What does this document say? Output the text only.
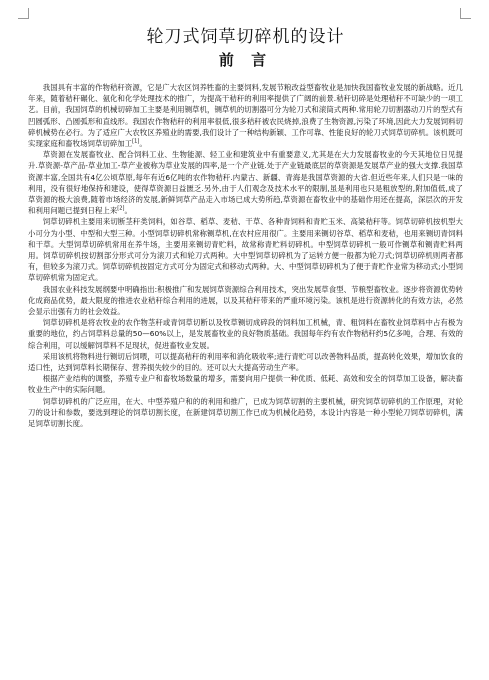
轮刀式饲草切碎机的设计
前 言

我国具有丰富的作物秸秆资源，它是广大农区饲养牲畜的主要饲料,发展节粮改益型畜牧业是加快我国畜牧业发展的新战略。近几年来，随着秸秆碾化、氨化和化学处理技术的推广，为提高干秸秆的利用率提供了广阔的前景.秸秆切碎是处理秸秆不可缺少的一项工艺。目前，我国饲草的机械切碎加工主要是利用铡草机，铡草机的切割器可分为轮刀式和滚筒式两种.常用轮刀切割器动刀片的型式有凹圆弧形、凸圆弧形和直线形。我国农作物秸秆的利用率很低,很多秸秆被农民烧掉,浪费了生物资源,污染了环境,因此大力发展饲料切碎机械势在必行。为了适应广大农牧区养殖业的需要,我们设计了一种结构新颖、工作可靠、性能良好的轮刀式饲草切碎机。该机既可实现家庭和畜牧场饲草切碎加工[1]。

草资源在发展畜牧业、配合饲料工业、生物能源、轻工业和建筑业中有重要意义,尤其是在大力发展畜牧业的今天其地位日见提升.草资源-草产品-草业加工-草产业被称为草业发展的四率,是一个产业链.处于产业链最底层的草资源是发展草产业的强大支撑.我国草资源丰富,全国共有4亿公顷草原,每年有近6亿吨的农作物秸秆.内蒙古、新疆、青海是我国草资源的大省.但近些年来,人们只是一味的利用，没有很好地保持和建设，使得草资源日益匮乏.另外,由于人们观念及技术水平的限制,虽是利用也只是粗放型的,附加值低,成了草资源的极大浪费,随着市场经济的发展,新鲜饲草产品走入市场已成大势所趋,草资源在畜牧业中的基础作用还在提高，深层次的开发和利用问题已提到日程上来[2]。

饲草切碎机主要用来切断茎秆类饲料，如谷草、稻草、麦秸、干草、各种青饲料和青贮玉米、高粱秸秆等。饲草切碎机按机型大小可分为小型、中型和大型三种。小型饲草切碎机常称铡草机,在农村应用很广。主要用来铡切谷草、稻草和麦秸，也用来铡切青饲料和干草。大型饲草切碎机常用在养牛场，主要用来铡切青贮料，故常称青贮料切碎机。中型饲草切碎机一般可作铡草和铡青贮料两用。饲草切碎机按切割部分形式可分为滚刀式和轮刀式两种。大中型饲草切碎机为了运转方便一般都为轮刀式;饲草切碎机则两者都有，但较多为滚刀式。饲草切碎机按固定方式可分为固定式和移动式两种。大、中型饲草切碎机为了便于青贮作业常为移动式;小型饲草切碎机常为固定式。

我国农业科技发展纲要中明确指出:积极推广和发展饲草资源综合利用技术，突出发展草食型、节粮型畜牧业。逐步将资源优势转化成商品优势，最大限度的推进农业秸秆综合利用的进展，以及其秸秆带来的严重环境污染。该机是进行资源转化的有效方法，必然会显示出强有力的社会效益。

饲草切碎机是将农牧业的农作物茎秆或青饲草切断以及牧草铡切成碎段的饲料加工机械，青、粗饲料在畜牧业饲草料中占有极为重要的地位，约占饲草料总量的50—60%以上，是发展畜牧业的良好物质基础。我国每年约有农作物秸秆约5亿多吨，合理、有效的综合利用，可以缓解饲草料不足现状，促进畜牧业发展。

采用该机将物料进行铡切后饲喂，可以提高秸秆的利用率和消化吸收率;进行青贮可以改善物料品质，提高转化效果，增加饮食的适口性，达到饲草料长期保存、营养损失较少的目的。还可以大大提高劳动生产率。

根据产业结构的调整，养殖专业户和畜牧场数量的增多，需要向用户提供一种优质、低耗、高效和安全的饲草加工设备，解决畜牧业生产中的实际问题。

饲草切碎机的广泛应用，在大、中型养殖户和的的利用和推广，已成为饲草切割的主要机械，研究饲草切碎机的工作原理，对轮刀的设计和参数，要选到理论的饲草切割长度，在新建饲草切割工作已成为机械化趋势，本设计内容是一种小型轮刀饲草切碎机，满足饲草切割长度。
